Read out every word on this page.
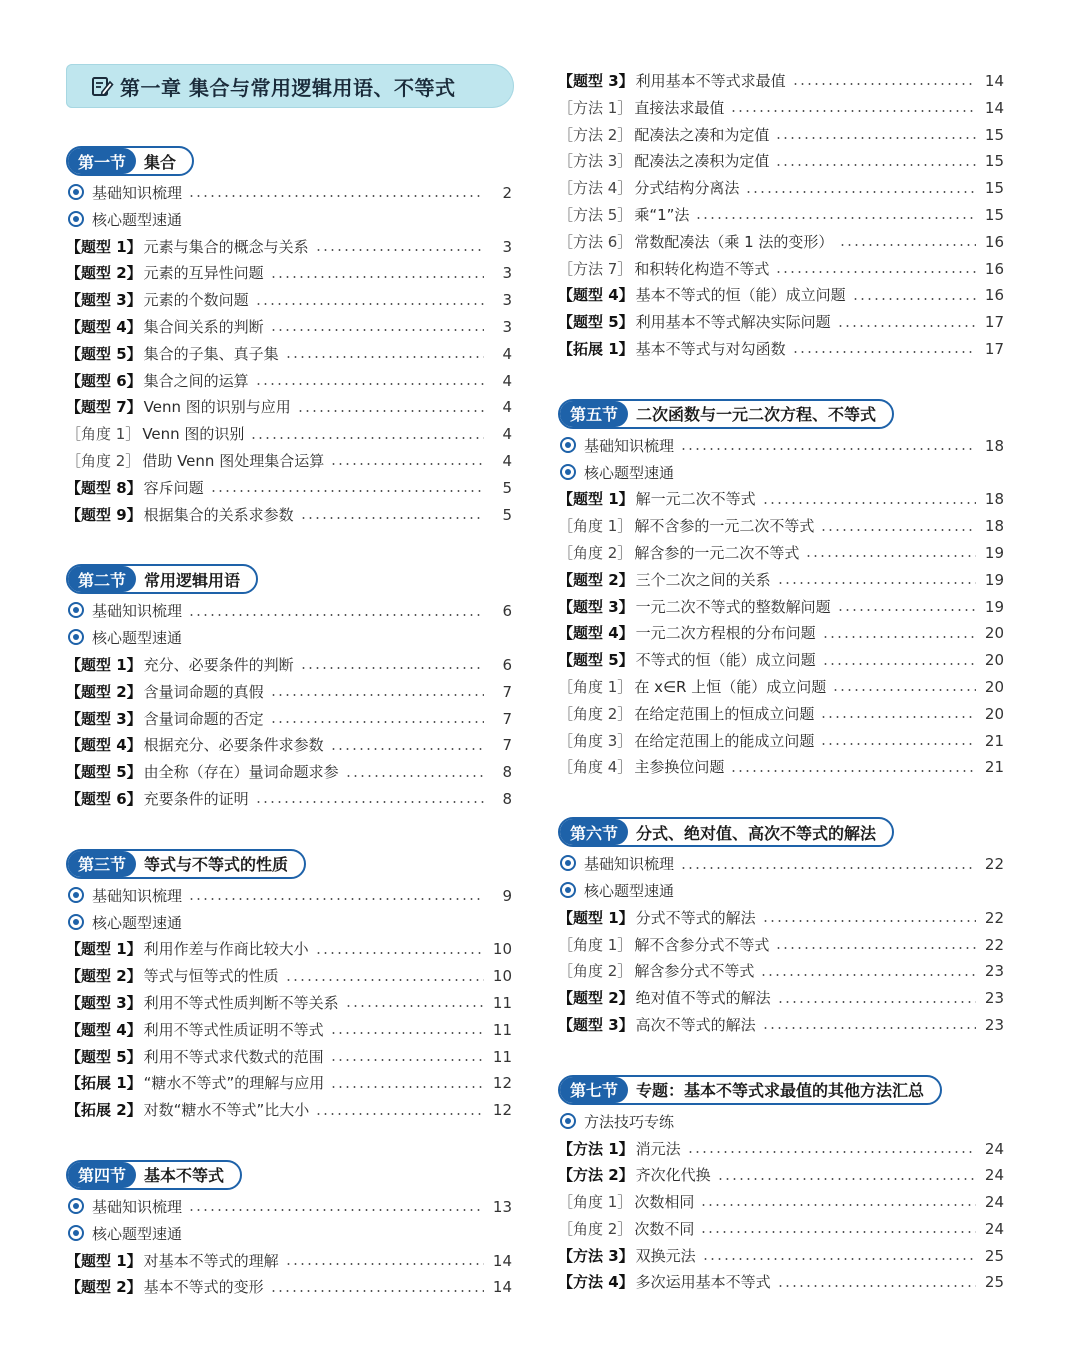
第一章 集合与常用逻辑用语、不等式
第一节	集合
基础知识梳理	2
核心题型速通
【题型 1】 元素与集合的概念与关系	3
【题型 2】 元素的互异性问题	3
【题型 3】 元素的个数问题	3
【题型 4】 集合间关系的判断	3
【题型 5】 集合的子集、真子集	4
【题型 6】 集合之间的运算	4
【题型 7】 Venn 图的识别与应用	4
［角度 1］ Venn 图的识别	4
［角度 2］ 借助 Venn 图处理集合运算	4
【题型 8】 容斥问题	5
【题型 9】 根据集合的关系求参数	5
第二节	常用逻辑用语
基础知识梳理	6
核心题型速通
【题型 1】 充分、必要条件的判断	6
【题型 2】 含量词命题的真假	7
【题型 3】 含量词命题的否定	7
【题型 4】 根据充分、必要条件求参数	7
【题型 5】 由全称（存在）量词命题求参	8
【题型 6】 充要条件的证明	8
第三节	等式与不等式的性质
基础知识梳理	9
核心题型速通
【题型 1】 利用作差与作商比较大小	10
【题型 2】 等式与恒等式的性质	10
【题型 3】 利用不等式性质判断不等关系	11
【题型 4】 利用不等式性质证明不等式	11
【题型 5】 利用不等式求代数式的范围	11
【拓展 1】 “糖水不等式”的理解与应用	12
【拓展 2】 对数“糖水不等式”比大小	12
第四节	基本不等式
基础知识梳理	13
核心题型速通
【题型 1】 对基本不等式的理解	14
【题型 2】 基本不等式的变形	14
【题型 3】 利用基本不等式求最值	14
［方法 1］ 直接法求最值	14
［方法 2］ 配凑法之凑和为定值	15
［方法 3］ 配凑法之凑积为定值	15
［方法 4］ 分式结构分离法	15
［方法 5］ 乘“1”法	15
［方法 6］ 常数配凑法（乘 1 法的变形）	16
［方法 7］ 和积转化构造不等式	16
【题型 4】 基本不等式的恒（能）成立问题	16
【题型 5】 利用基本不等式解决实际问题	17
【拓展 1】 基本不等式与对勾函数	17
第五节	二次函数与一元二次方程、不等式
基础知识梳理	18
核心题型速通
【题型 1】 解一元二次不等式	18
［角度 1］ 解不含参的一元二次不等式	18
［角度 2］ 解含参的一元二次不等式	19
【题型 2】 三个二次之间的关系	19
【题型 3】 一元二次不等式的整数解问题	19
【题型 4】 一元二次方程根的分布问题	20
【题型 5】 不等式的恒（能）成立问题	20
［角度 1］ 在 x∈R 上恒（能）成立问题	20
［角度 2］ 在给定范围上的恒成立问题	20
［角度 3］ 在给定范围上的能成立问题	21
［角度 4］ 主参换位问题	21
第六节	分式、绝对值、高次不等式的解法
基础知识梳理	22
核心题型速通
【题型 1】 分式不等式的解法	22
［角度 1］ 解不含参分式不等式	22
［角度 2］ 解含参分式不等式	23
【题型 2】 绝对值不等式的解法	23
【题型 3】 高次不等式的解法	23
第七节	专题：基本不等式求最值的其他方法汇总
方法技巧专练
【方法 1】 消元法	24
【方法 2】 齐次化代换	24
［角度 1］ 次数相同	24
［角度 2］ 次数不同	24
【方法 3】 双换元法	25
【方法 4】 多次运用基本不等式	25
